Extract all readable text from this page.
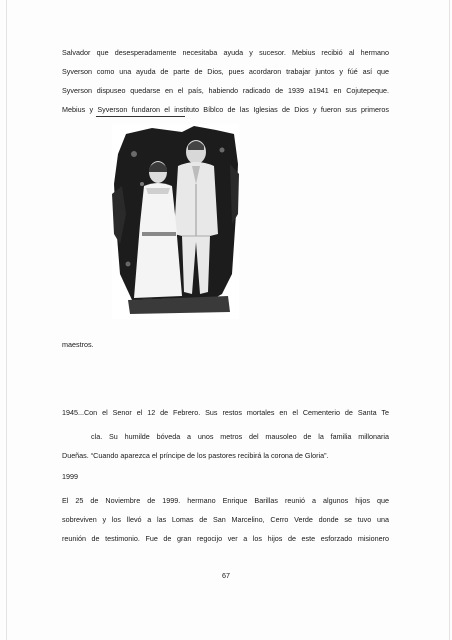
Salvador que desesperadamente necesitaba ayuda y sucesor. Mebius recibió al hermano
Syverson como una ayuda de parte de Dios, pues acordaron trabajar juntos y fúé así que
Syverson dispuseo quedarse en el país, habiendo radicado de 1939 a1941 en Cojutepeque.
Mebius y Syverson fundaron el instituto Bíblco de las Iglesias de Dios y fueron sus primeros
maestros.
1945...Con el Senor el 12 de Febrero. Sus restos mortales en el Cementerio de Santa Te
cla. Su humilde bóveda a unos metros del mausoleo de la familia millonaria
Dueñas. “Cuando aparezca el príncipe de los pastores recibirá la corona de Gloria”.
1999
El 25 de Noviembre de 1999. hermano Enrique Barillas reunió a algunos hijos que
sobreviven y los llevó a las Lomas de San Marcelino, Cerro Verde donde se tuvo una
reunión de testimonio. Fue de gran regocijo ver a los hijos de este esforzado misionero
67
